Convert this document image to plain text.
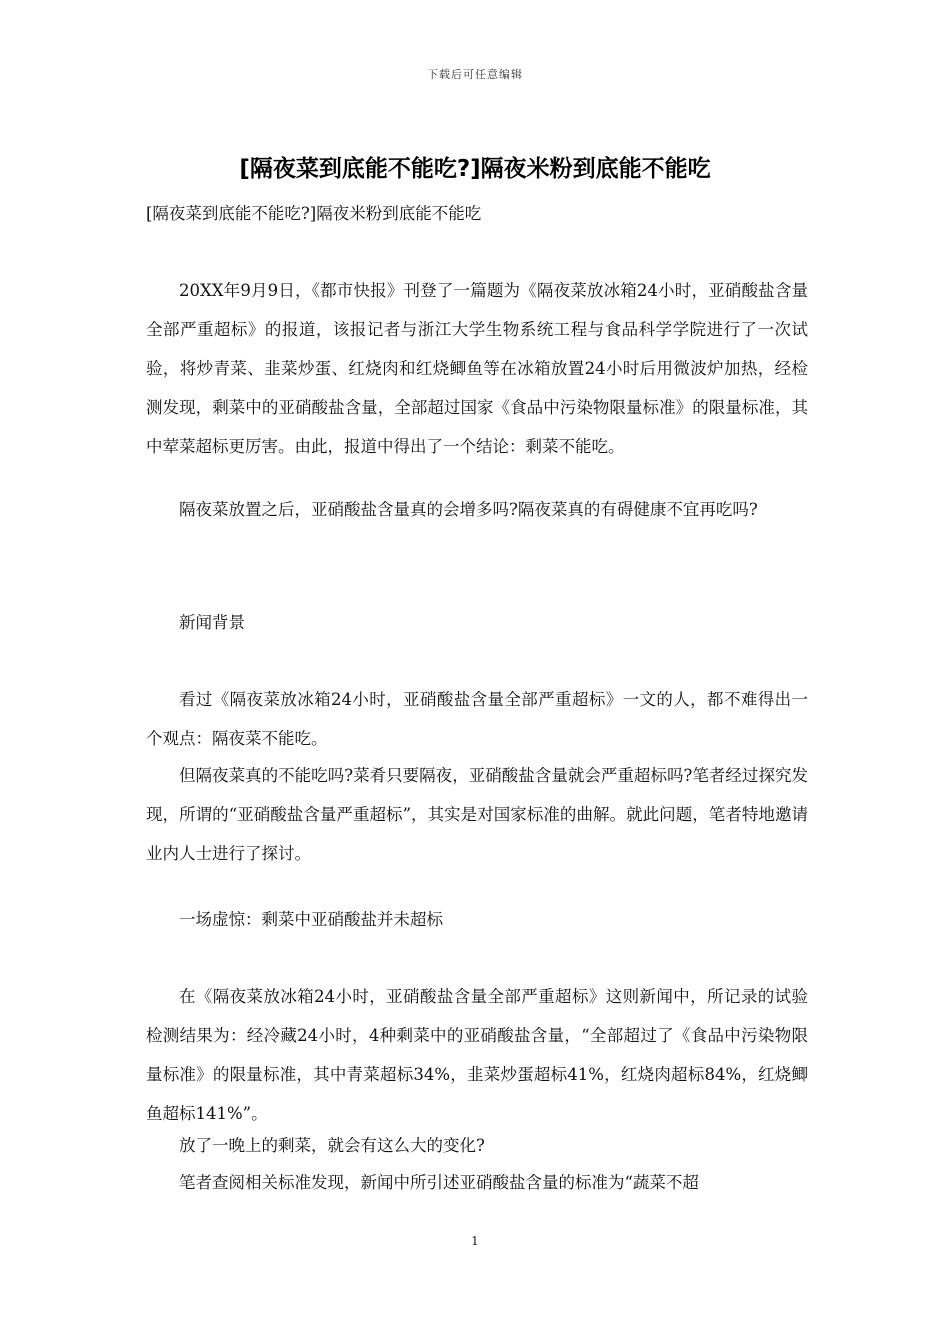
下载后可任意编辑
[隔夜菜到底能不能吃?]隔夜米粉到底能不能吃

[隔夜菜到底能不能吃?]隔夜米粉到底能不能吃

20XX年9月9日，《都市快报》刊登了一篇题为《隔夜菜放冰箱24小时，亚硝酸盐含量全部严重超标》的报道，该报记者与浙江大学生物系统工程与食品科学学院进行了一次试验，将炒青菜、韭菜炒蛋、红烧肉和红烧鲫鱼等在冰箱放置24小时后用微波炉加热，经检测发现，剩菜中的亚硝酸盐含量，全部超过国家《食品中污染物限量标准》的限量标准，其中荤菜超标更厉害。由此，报道中得出了一个结论：剩菜不能吃。

隔夜菜放置之后，亚硝酸盐含量真的会增多吗?隔夜菜真的有碍健康不宜再吃吗?

新闻背景

看过《隔夜菜放冰箱24小时，亚硝酸盐含量全部严重超标》一文的人，都不难得出一个观点：隔夜菜不能吃。

但隔夜菜真的不能吃吗?菜肴只要隔夜，亚硝酸盐含量就会严重超标吗?笔者经过探究发现，所谓的“亚硝酸盐含量严重超标”，其实是对国家标准的曲解。就此问题，笔者特地邀请业内人士进行了探讨。

一场虚惊：剩菜中亚硝酸盐并未超标

在《隔夜菜放冰箱24小时，亚硝酸盐含量全部严重超标》这则新闻中，所记录的试验检测结果为：经冷藏24小时，4种剩菜中的亚硝酸盐含量，“全部超过了《食品中污染物限量标准》的限量标准，其中青菜超标34%，韭菜炒蛋超标41%，红烧肉超标84%，红烧鲫鱼超标141%”。

放了一晚上的剩菜，就会有这么大的变化?

笔者查阅相关标准发现，新闻中所引述亚硝酸盐含量的标准为“蔬菜不超

1
